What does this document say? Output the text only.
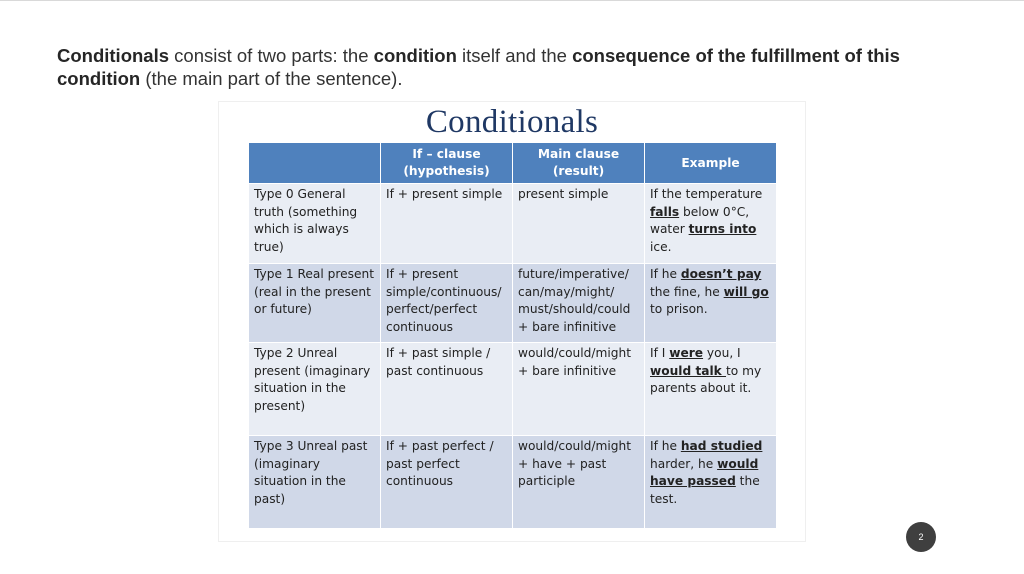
Conditionals consist of two parts: the condition itself and the consequence of the fulfillment of this condition (the main part of the sentence).
Conditionals
	If – clause (hypothesis)	Main clause (result)	Example
Type 0 General truth (something which is always true)	If + present simple	present simple	If the temperature falls below 0°C, water turns into ice.
Type 1 Real present (real in the present or future)	If + present simple/continuous/ perfect/perfect continuous	future/imperative/ can/may/might/ must/should/could + bare infinitive	If he doesn’t pay the fine, he will go to prison.
Type 2 Unreal present (imaginary situation in the present)	If + past simple / past continuous	would/could/might + bare infinitive	If I were you, I would talk to my parents about it.
Type 3 Unreal past (imaginary situation in the past)	If + past perfect / past perfect continuous	would/could/might + have + past participle	If he had studied harder, he would have passed the test.
2
